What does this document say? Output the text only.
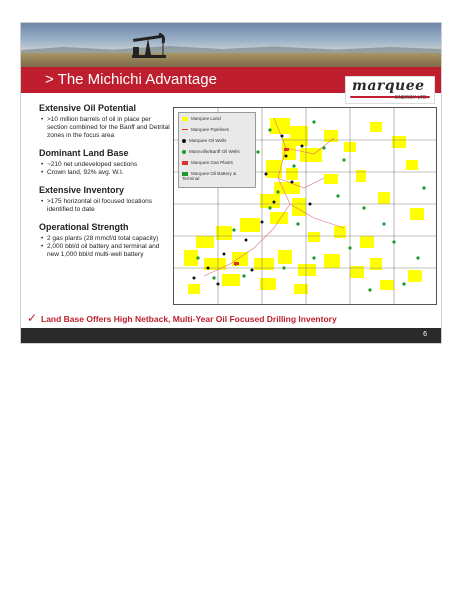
> The Michichi Advantage	marquee
ENERGY LTD.
Extensive Oil Potential
• >10 million barrels of oil in place per section combined for the Banff and Detrital zones in the focus area
Dominant Land Base
• ~210 net undeveloped sections
• Crown land, 92% avg. W.I.
Extensive Inventory
• >175 horizontal oil focused locations identified to date
Operational Strength
• 2 gas plants (28 mmcf/d total capacity)
• 2,000 bbl/d oil battery and terminal and new 1,000 bbl/d multi-well battery
Marquee Land
Marquee Pipelines
Marquee Oil Wells
Mannville/Banff Oil Wells
Marquee Gas Plants
Marquee Oil Battery & Terminal
✓ Land Base Offers High Netback, Multi-Year Oil Focused Drilling Inventory
6
